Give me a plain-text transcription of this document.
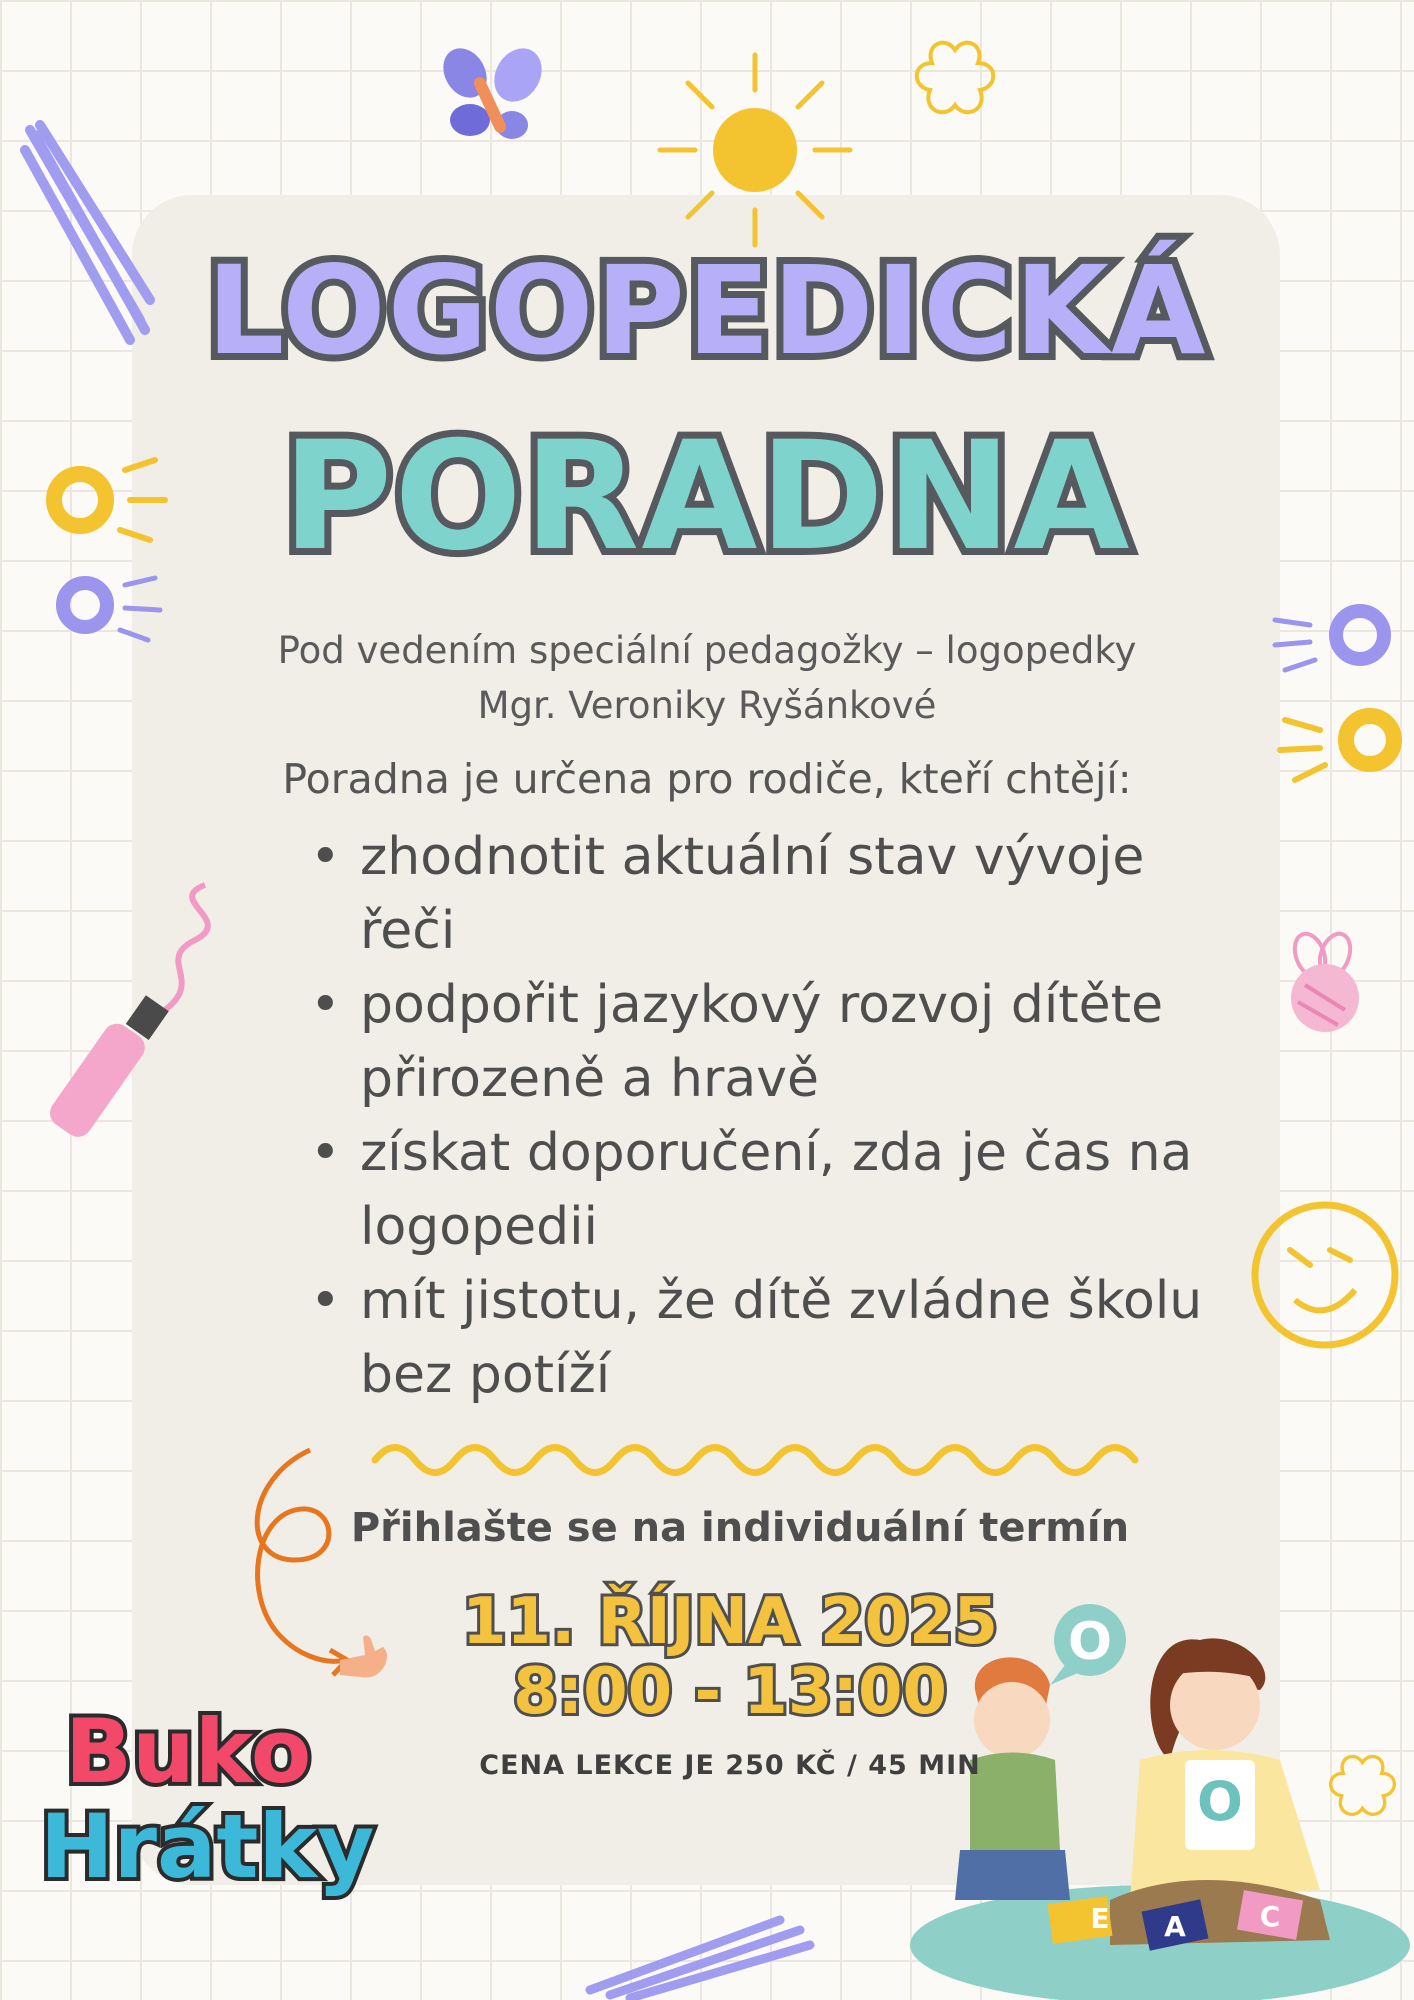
O
O
E	A	C
LOGOPEDICKÁ
PORADNA
Pod vedením speciální pedagožky – logopedky
Mgr. Veroniky Ryšánkové
Poradna je určena pro rodiče, kteří chtějí:
• zhodnotit aktuální stav vývoje řeči
• podpořit jazykový rozvoj dítěte přirozeně a hravě
• získat doporučení, zda je čas na logopedii
• mít jistotu, že dítě zvládne školu bez potíží
Přihlašte se na individuální termín
11. ŘÍJNA 2025
8:00 - 13:00
CENA LEKCE JE 250 KČ / 45 MIN
Buko
Hrátky
